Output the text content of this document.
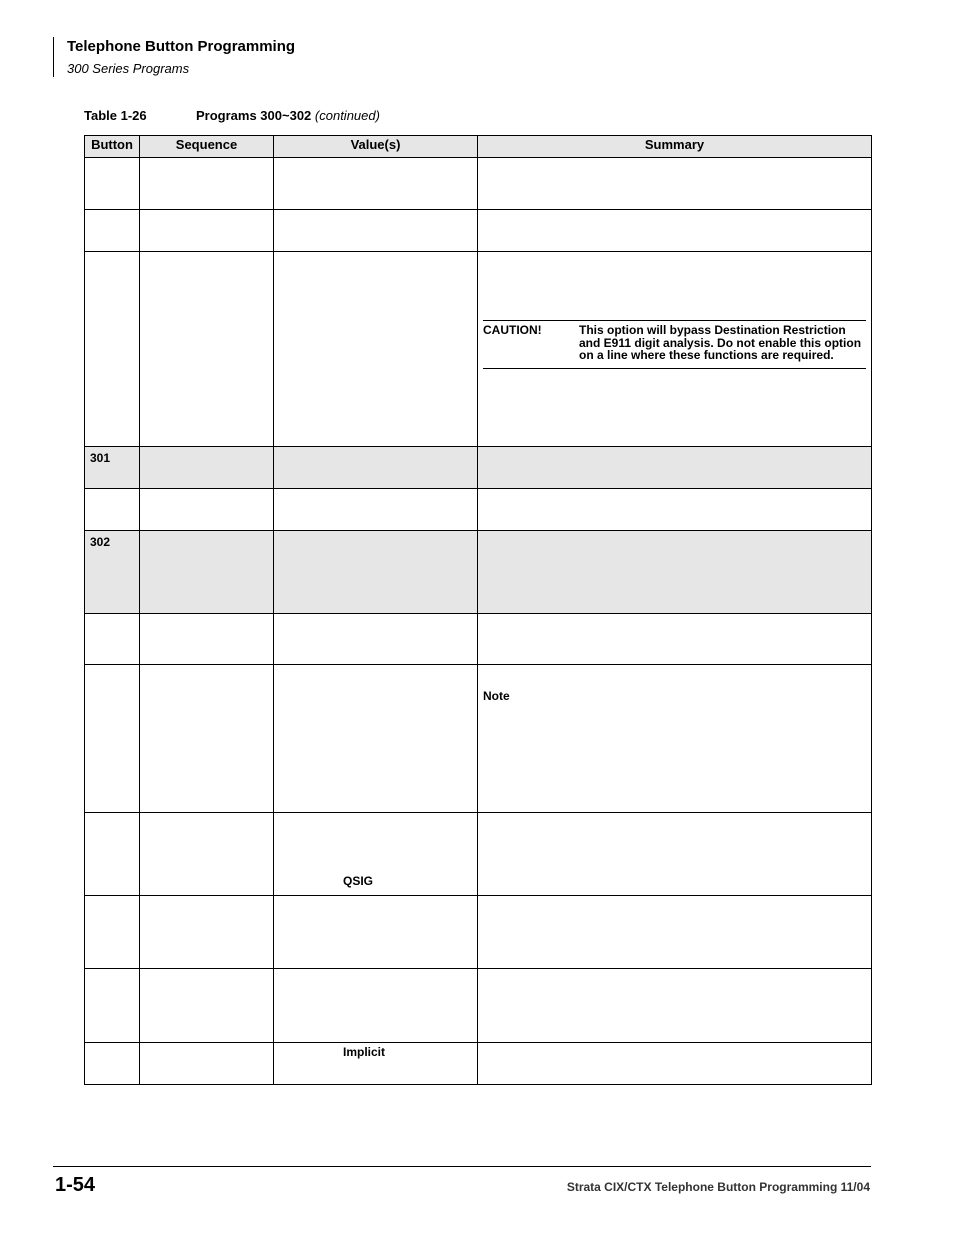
Telephone Button Programming
300 Series Programs
Table 1-26	Programs 300~302 (continued)
Button	Sequence	Value(s)	Summary

			CAUTION! This option will bypass Destination Restriction and E911 digit analysis. Do not enable this option on a line where these functions are required.

301			

302			

			Note

		QSIG	

		Implicit	

1-54	Strata CIX/CTX Telephone Button Programming 11/04
